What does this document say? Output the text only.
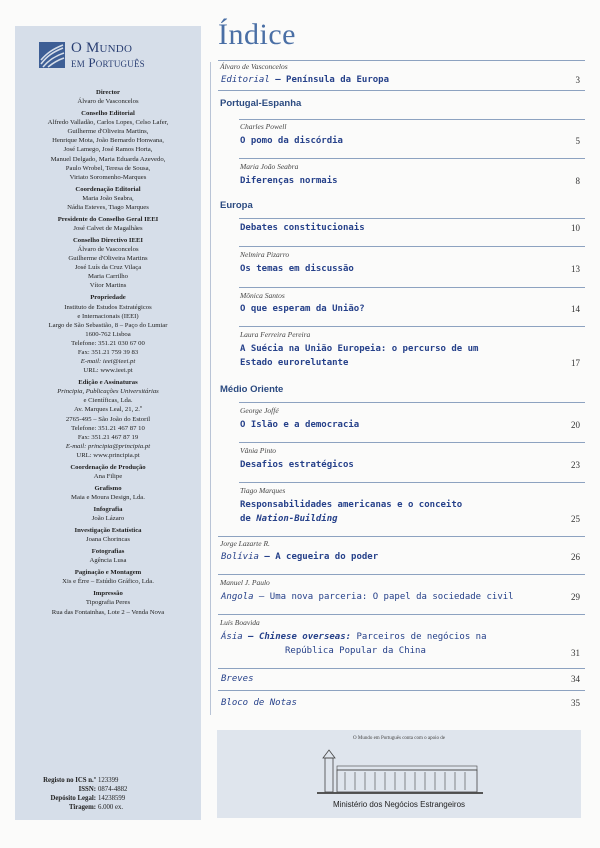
O Mundo
em Português
Director
Álvaro de Vasconcelos
Conselho Editorial
Alfredo Valladão, Carlos Lopes, Celso Lafer,
Guilherme d'Oliveira Martins,
Henrique Mota, João Bernardo Honwana,
José Lamego, José Ramos Horta,
Manuel Delgado, Maria Eduarda Azevedo,
Paulo Wrobel, Teresa de Sousa,
Viriato Soromenho-Marques
Coordenação Editorial
Maria João Seabra,
Nádia Esteves, Tiago Marques
Presidente do Conselho Geral IEEI
José Calvet de Magalhães
Conselho Directivo IEEI
Álvaro de Vasconcelos
Guilherme d'Oliveira Martins
José Luís da Cruz Vilaça
Maria Carrilho
Vítor Martins
Propriedade
Instituto de Estudos Estratégicos
e Internacionais (IEEI)
Largo de São Sebastião, 8 – Paço do Lumiar
1600-762 Lisboa
Telefone: 351.21 030 67 00
Fax: 351.21 759 39 83
E-mail: ieei@ieei.pt
URL: www.ieei.pt
Edição e Assinaturas
Principia, Publicações Universitárias
e Científicas, Lda.
Av. Marques Leal, 21, 2.º
2765-495 – São João do Estoril
Telefone: 351.21 467 87 10
Fax: 351.21 467 87 19
E-mail: principia@principia.pt
URL: www.principia.pt
Coordenação de Produção
Ana Filipe
Grafismo
Maia e Moura Design, Lda.
Infografia
João Lázaro
Investigação Estatística
Joana Chorincas
Fotografias
Agência Lusa
Paginação e Montagem
Xis e Érre – Estúdio Gráfico, Lda.
Impressão
Tipografia Peres
Rua das Fontainhas, Lote 2 – Venda Nova
Registo no ICS n.º 123399
ISSN: 0874-4882
Depósito Legal: 14238599
Tiragem: 6.000 ex.
Índice
Álvaro de Vasconcelos
Editorial – Península da Europa	3
Portugal-Espanha
Charles Powell
O pomo da discórdia	5
Maria João Seabra
Diferenças normais	8
Europa
Debates constitucionais	10
Nelmira Pizarro
Os temas em discussão	13
Mônica Santos
O que esperam da União?	14
Laura Ferreira Pereira
A Suécia na União Europeia: o percurso de um
Estado eurorelutante	17
Médio Oriente
George Joffé
O Islão e a democracia	20
Vânia Pinto
Desafios estratégicos	23
Tiago Marques
Responsabilidades americanas e o conceito
de Nation-Building	25
Jorge Lazarte R.
Bolívia – A cegueira do poder	26
Manuel J. Paulo
Angola – Uma nova parceria: O papel da sociedade civil	29
Luís Boavida
Ásia – Chinese overseas: Parceiros de negócios na
República Popular da China	31
Breves	34
Bloco de Notas	35
O Mundo em Português conta com o apoio de
Ministério dos Negócios Estrangeiros
